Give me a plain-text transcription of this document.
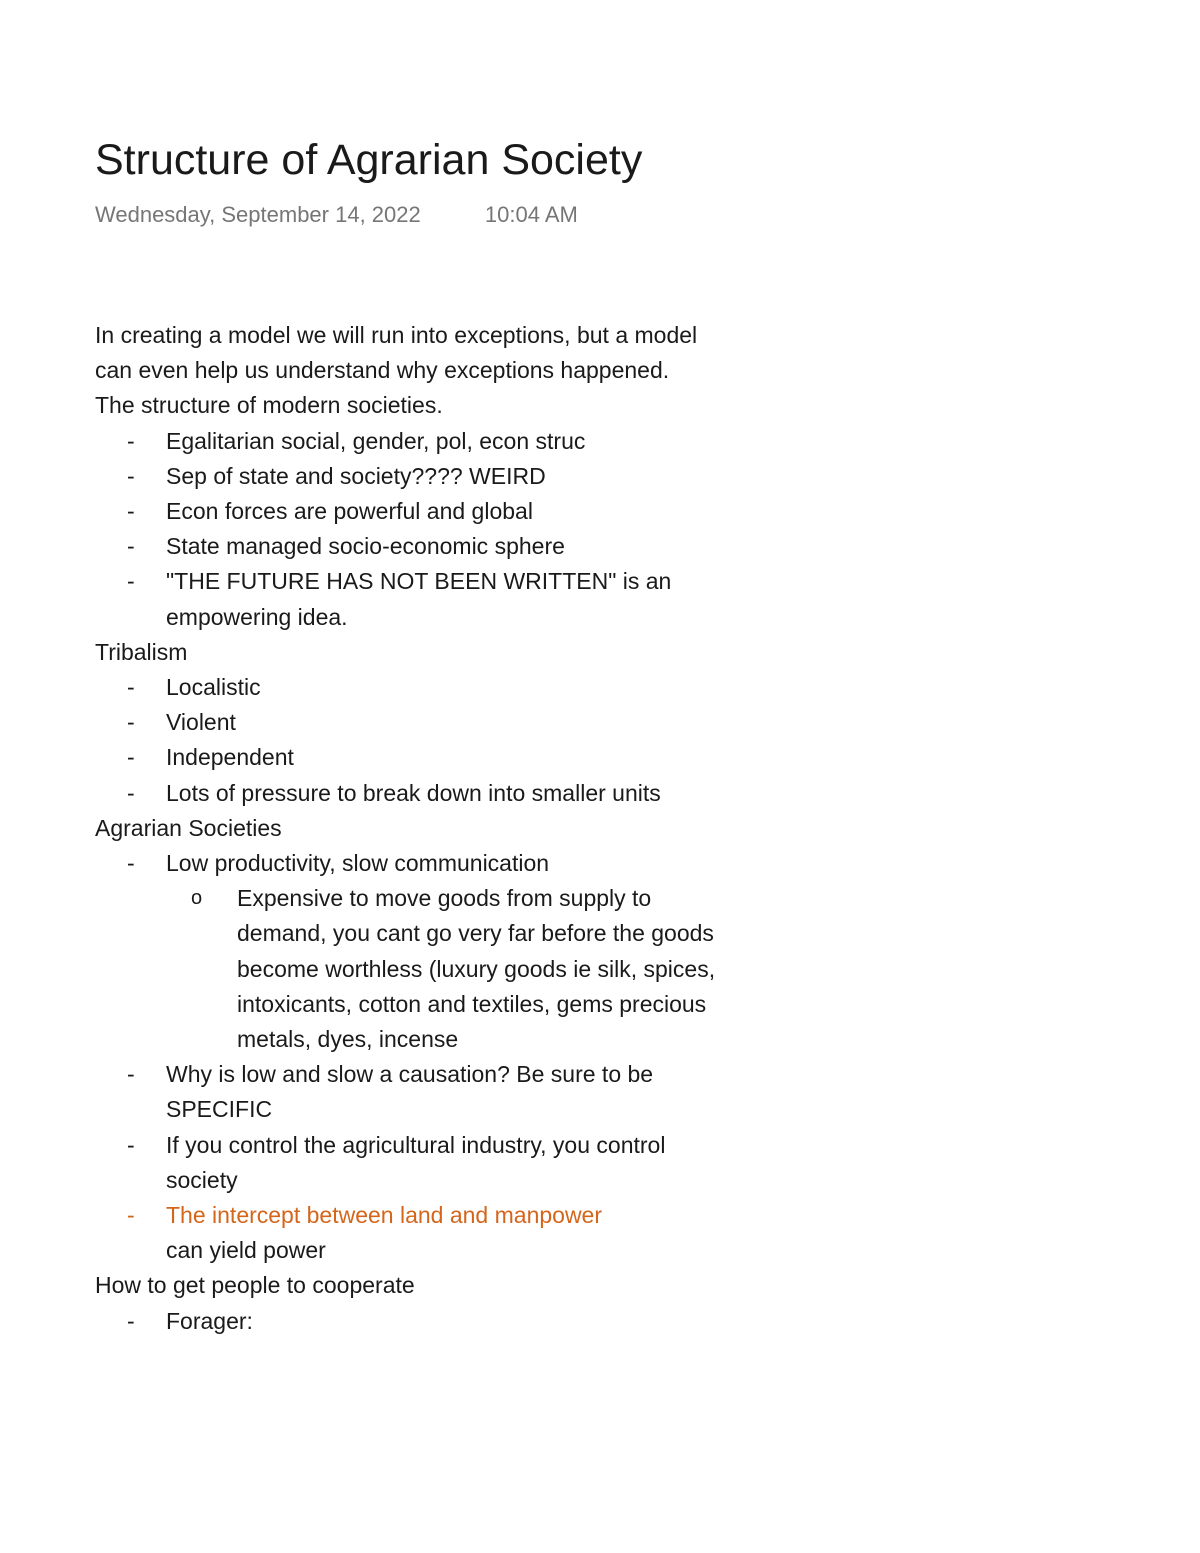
Structure of Agrarian Society
Wednesday, September 14, 2022	10:04 AM

In creating a model we will run into exceptions, but a model can even help us understand why exceptions happened.

The structure of modern societies.

- Egalitarian social, gender, pol, econ struc
- Sep of state and society???? WEIRD
- Econ forces are powerful and global
- State managed socio-economic sphere
- "THE FUTURE HAS NOT BEEN WRITTEN" is an empowering idea.

Tribalism

- Localistic
- Violent
- Independent
- Lots of pressure to break down into smaller units

Agrarian Societies

- Low productivity, slow communication
o Expensive to move goods from supply to demand, you cant go very far before the goods become worthless (luxury goods ie silk, spices, intoxicants, cotton and textiles, gems precious metals, dyes, incense
- Why is low and slow a causation? Be sure to be SPECIFIC
- If you control the agricultural industry, you control society
- The intercept between land and manpower
can yield power

How to get people to cooperate

- Forager:
